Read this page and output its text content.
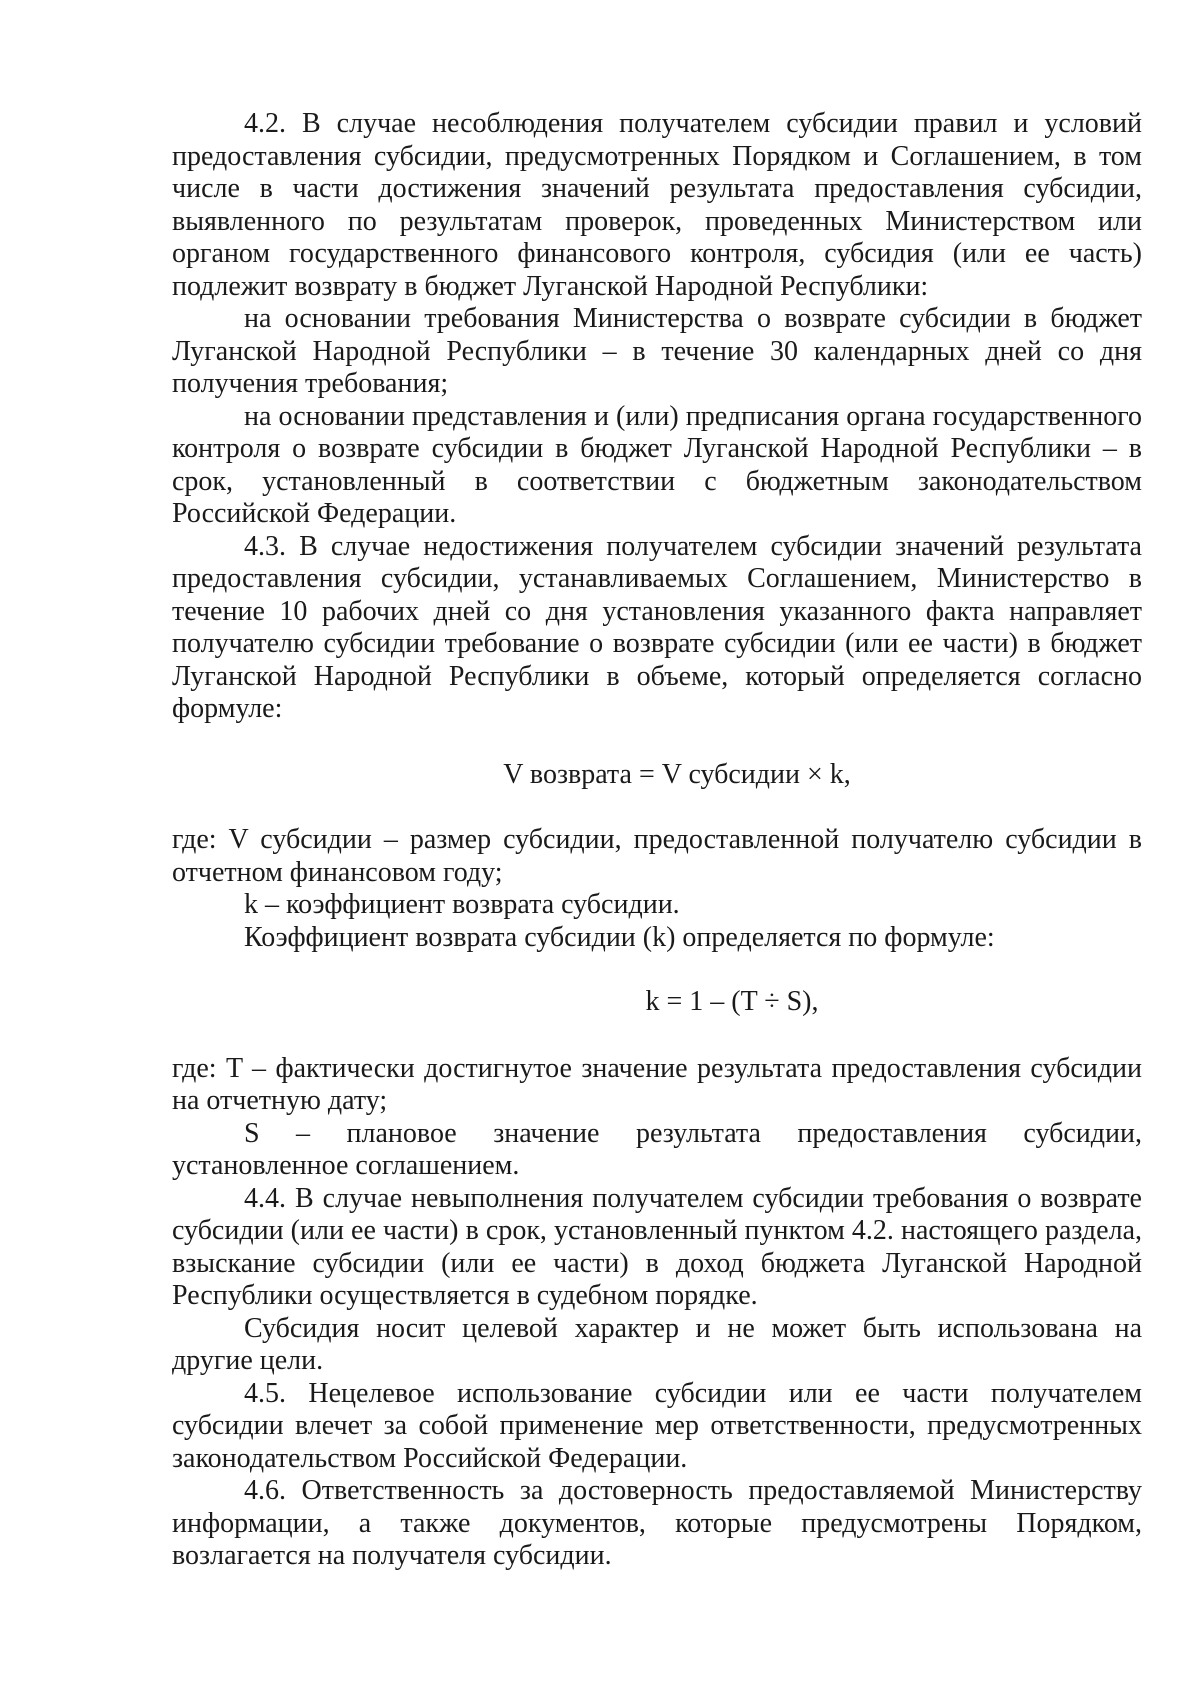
4.2. В случае несоблюдения получателем субсидии правил и условий предоставления субсидии, предусмотренных Порядком и Соглашением, в том числе в части достижения значений результата предоставления субсидии, выявленного по результатам проверок, проведенных Министерством или органом государственного финансового контроля, субсидия (или ее часть) подлежит возврату в бюджет Луганской Народной Республики:

на основании требования Министерства о возврате субсидии в бюджет Луганской Народной Республики – в течение 30 календарных дней со дня получения требования;

на основании представления и (или) предписания органа государственного контроля о возврате субсидии в бюджет Луганской Народной Республики – в срок, установленный в соответствии с бюджетным законодательством Российской Федерации.

4.3. В случае недостижения получателем субсидии значений результата предоставления субсидии, устанавливаемых Соглашением, Министерство в течение 10 рабочих дней со дня установления указанного факта направляет получателю субсидии требование о возврате субсидии (или ее части) в бюджет Луганской Народной Республики в объеме, который определяется согласно формуле:

V возврата = V субсидии × k,

где: V субсидии – размер субсидии, предоставленной получателю субсидии в отчетном финансовом году;

k – коэффициент возврата субсидии.

Коэффициент возврата субсидии (k) определяется по формуле:

k = 1 – (T ÷ S),

где: T – фактически достигнутое значение результата предоставления субсидии на отчетную дату;

S – плановое значение результата предоставления субсидии, установленное соглашением.

4.4. В случае невыполнения получателем субсидии требования о возврате субсидии (или ее части) в срок, установленный пунктом 4.2. настоящего раздела, взыскание субсидии (или ее части) в доход бюджета Луганской Народной Республики осуществляется в судебном порядке.

Субсидия носит целевой характер и не может быть использована на другие цели.

4.5. Нецелевое использование субсидии или ее части получателем субсидии влечет за собой применение мер ответственности, предусмотренных законодательством Российской Федерации.

4.6. Ответственность за достоверность предоставляемой Министерству информации, а также документов, которые предусмотрены Порядком, возлагается на получателя субсидии.
